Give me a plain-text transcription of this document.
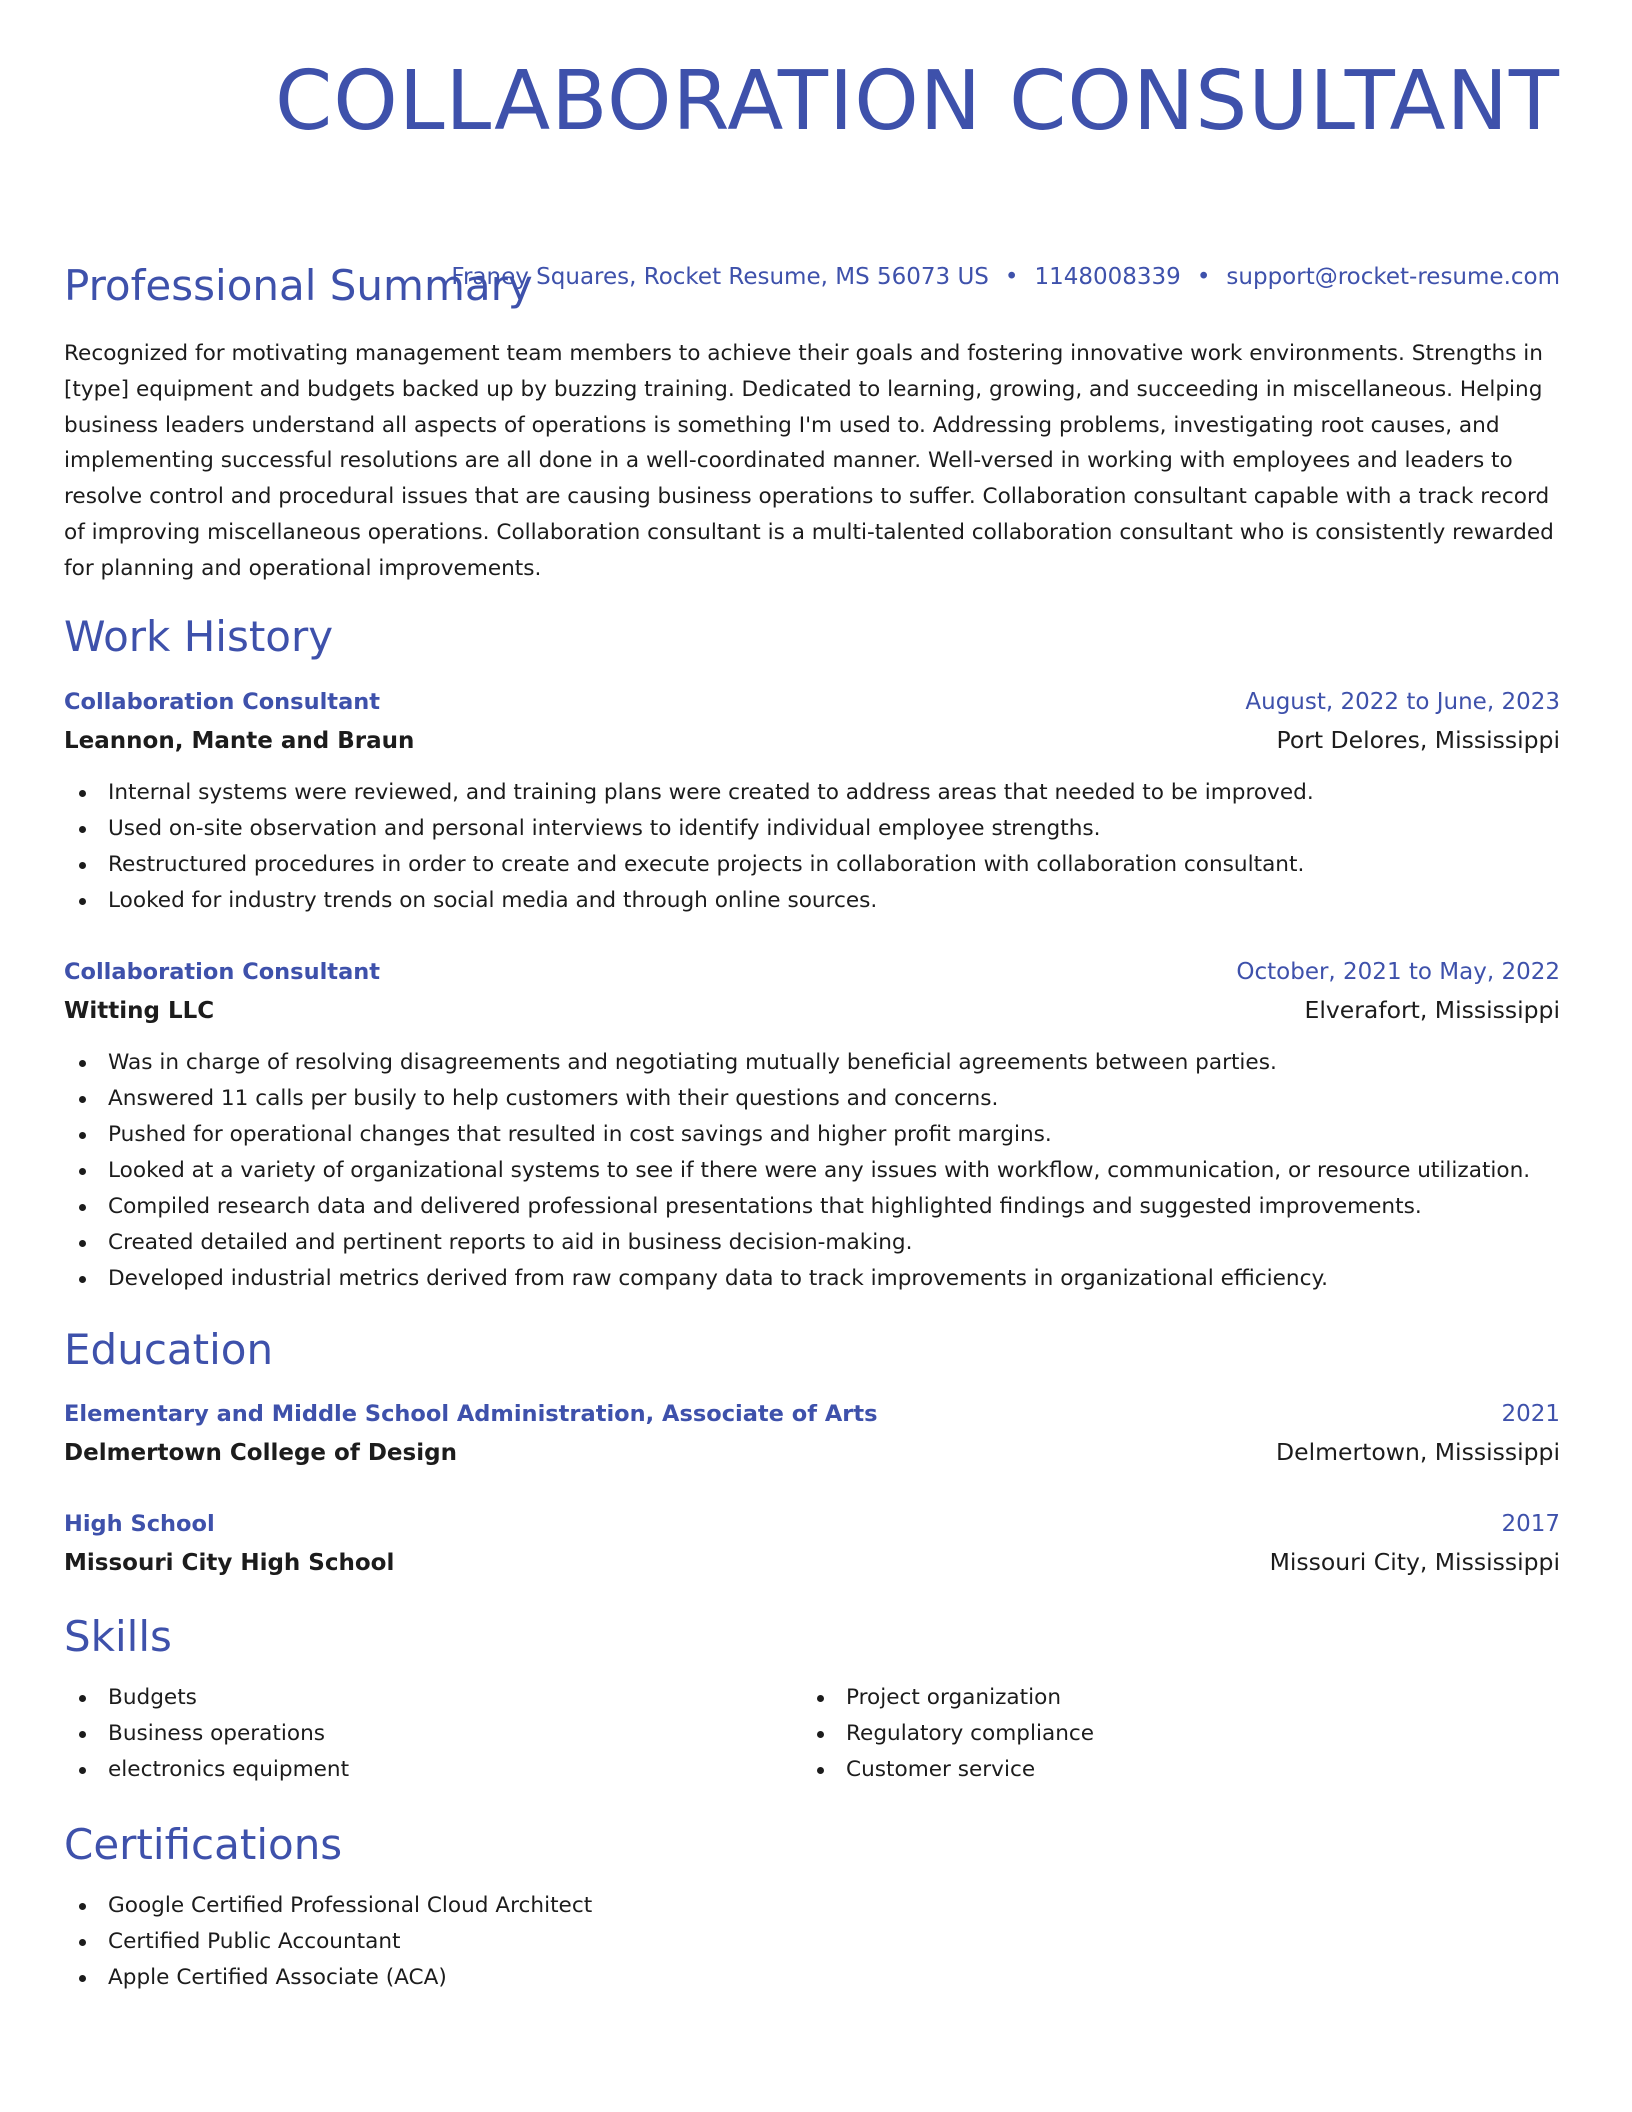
COLLABORATION CONSULTANT
Franey Squares, Rocket Resume, MS 56073 US • 1148008339 • support@rocket-resume.com
Professional Summary

Recognized for motivating management team members to achieve their goals and fostering innovative work environments. Strengths in [type] equipment and budgets backed up by buzzing training. Dedicated to learning, growing, and succeeding in miscellaneous. Helping business leaders understand all aspects of operations is something I'm used to. Addressing problems, investigating root causes, and implementing successful resolutions are all done in a well-coordinated manner. Well-versed in working with employees and leaders to resolve control and procedural issues that are causing business operations to suffer. Collaboration consultant capable with a track record of improving miscellaneous operations. Collaboration consultant is a multi-talented collaboration consultant who is consistently rewarded for planning and operational improvements.

Work History
Collaboration Consultant	August, 2022 to June, 2023
Leannon, Mante and Braun	Port Delores, Mississippi
Internal systems were reviewed, and training plans were created to address areas that needed to be improved.
Used on-site observation and personal interviews to identify individual employee strengths.
Restructured procedures in order to create and execute projects in collaboration with collaboration consultant.
Looked for industry trends on social media and through online sources.
Collaboration Consultant	October, 2021 to May, 2022
Witting LLC	Elverafort, Mississippi
Was in charge of resolving disagreements and negotiating mutually beneficial agreements between parties.
Answered 11 calls per busily to help customers with their questions and concerns.
Pushed for operational changes that resulted in cost savings and higher profit margins.
Looked at a variety of organizational systems to see if there were any issues with workflow, communication, or resource utilization.
Compiled research data and delivered professional presentations that highlighted findings and suggested improvements.
Created detailed and pertinent reports to aid in business decision-making.
Developed industrial metrics derived from raw company data to track improvements in organizational efficiency.
Education
Elementary and Middle School Administration, Associate of Arts	2021
Delmertown College of Design	Delmertown, Mississippi
High School	2017
Missouri City High School	Missouri City, Mississippi
Skills
Budgets
Business operations
electronics equipment
Project organization
Regulatory compliance
Customer service
Certifications
Google Certified Professional Cloud Architect
Certified Public Accountant
Apple Certified Associate (ACA)
